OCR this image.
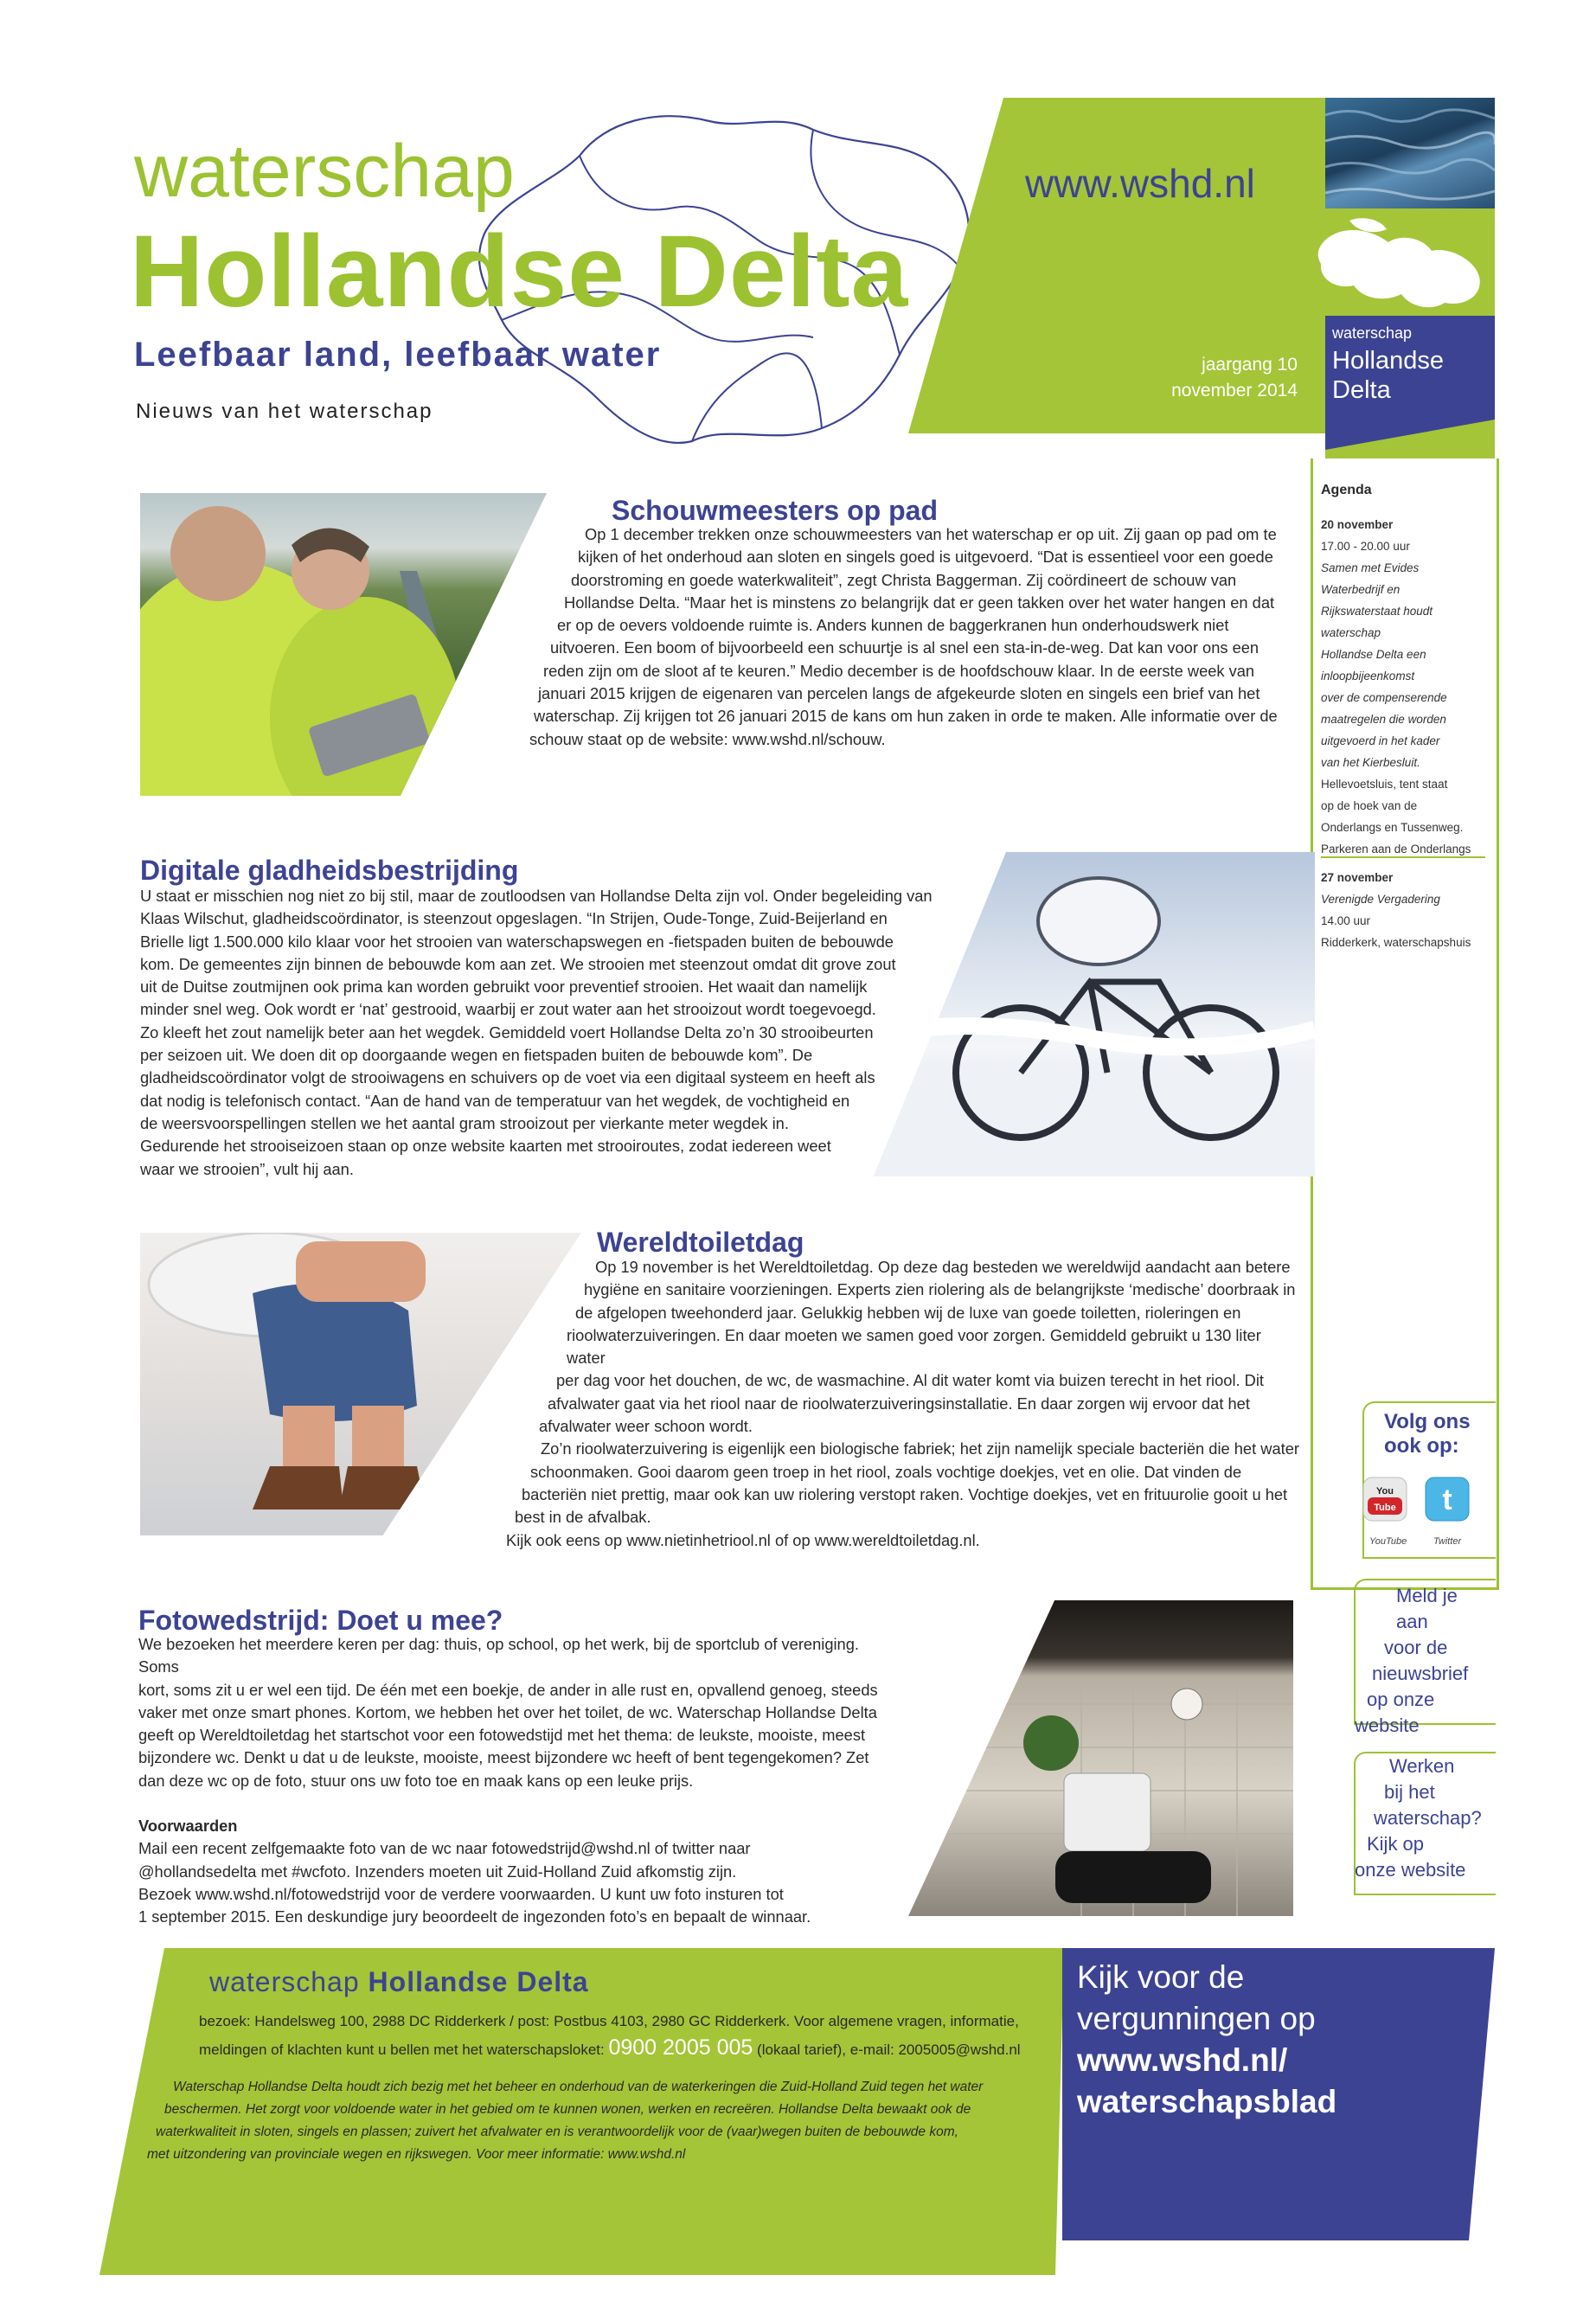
waterschap
Hollandse Delta
Leefbaar land, leefbaar water
Nieuws van het waterschap
www.wshd.nl
jaargang 10
november 2014
waterschap
Hollandse
Delta
Agenda
20 november
17.00 - 20.00 uur
Samen met Evides
Waterbedrijf en
Rijkswaterstaat houdt
waterschap
Hollandse Delta een
inloopbijeenkomst
over de compenserende
maatregelen die worden
uitgevoerd in het kader
van het Kierbesluit.
Hellevoetsluis, tent staat
op de hoek van de
Onderlangs en Tussenweg.
Parkeren aan de Onderlangs
27 november
Verenigde Vergadering
14.00 uur
Ridderkerk, waterschapshuis
Schouwmeesters op pad

Op 1 december trekken onze schouwmeesters van het waterschap er op uit. Zij gaan op pad om te

kijken of het onderhoud aan sloten en singels goed is uitgevoerd. “Dat is essentieel voor een goede

doorstroming en goede waterkwaliteit”, zegt Christa Baggerman. Zij coördineert de schouw van

Hollandse Delta. “Maar het is minstens zo belangrijk dat er geen takken over het water hangen en dat

er op de oevers voldoende ruimte is. Anders kunnen de baggerkranen hun onderhoudswerk niet

uitvoeren. Een boom of bijvoorbeeld een schuurtje is al snel een sta-in-de-weg. Dat kan voor ons een

reden zijn om de sloot af te keuren.” Medio december is de hoofdschouw klaar. In de eerste week van

januari 2015 krijgen de eigenaren van percelen langs de afgekeurde sloten en singels een brief van het

waterschap. Zij krijgen tot 26 januari 2015 de kans om hun zaken in orde te maken. Alle informatie over de

schouw staat op de website: www.wshd.nl/schouw.

Digitale gladheidsbestrijding

U staat er misschien nog niet zo bij stil, maar de zoutloodsen van Hollandse Delta zijn vol. Onder begeleiding van

Klaas Wilschut, gladheidscoördinator, is steenzout opgeslagen. “In Strijen, Oude-Tonge, Zuid-Beijerland en

Brielle ligt 1.500.000 kilo klaar voor het strooien van waterschapswegen en -fietspaden buiten de bebouwde

kom. De gemeentes zijn binnen de bebouwde kom aan zet. We strooien met steenzout omdat dit grove zout

uit de Duitse zoutmijnen ook prima kan worden gebruikt voor preventief strooien. Het waait dan namelijk

minder snel weg. Ook wordt er ‘nat’ gestrooid, waarbij er zout water aan het strooizout wordt toegevoegd.

Zo kleeft het zout namelijk beter aan het wegdek. Gemiddeld voert Hollandse Delta zo’n 30 strooibeurten

per seizoen uit. We doen dit op doorgaande wegen en fietspaden buiten de bebouwde kom”. De

gladheidscoördinator volgt de strooiwagens en schuivers op de voet via een digitaal systeem en heeft als

dat nodig is telefonisch contact. “Aan de hand van de temperatuur van het wegdek, de vochtigheid en

de weersvoorspellingen stellen we het aantal gram strooizout per vierkante meter wegdek in.

Gedurende het strooiseizoen staan op onze website kaarten met strooiroutes, zodat iedereen weet

waar we strooien”, vult hij aan.

Wereldtoiletdag

Op 19 november is het Wereldtoiletdag. Op deze dag besteden we wereldwijd aandacht aan betere

hygiëne en sanitaire voorzieningen. Experts zien riolering als de belangrijkste ‘medische’ doorbraak in

de afgelopen tweehonderd jaar. Gelukkig hebben wij de luxe van goede toiletten, rioleringen en

rioolwaterzuiveringen. En daar moeten we samen goed voor zorgen. Gemiddeld gebruikt u 130 liter water

per dag voor het douchen, de wc, de wasmachine. Al dit water komt via buizen terecht in het riool. Dit

afvalwater gaat via het riool naar de rioolwaterzuiveringsinstallatie. En daar zorgen wij ervoor dat het

afvalwater weer schoon wordt.

Zo’n rioolwaterzuivering is eigenlijk een biologische fabriek; het zijn namelijk speciale bacteriën die het water

schoonmaken. Gooi daarom geen troep in het riool, zoals vochtige doekjes, vet en olie. Dat vinden de

bacteriën niet prettig, maar ook kan uw riolering verstopt raken. Vochtige doekjes, vet en frituurolie gooit u het

best in de afvalbak.

Kijk ook eens op www.nietinhetriool.nl of op www.wereldtoiletdag.nl.

Volg ons
ook op:
You
Tube t
YouTube	Twitter
Meld je aan
voor de
nieuwsbrief
op onze
website
Werken
bij het
waterschap?
Kijk op
onze website
Fotowedstrijd: Doet u mee?

We bezoeken het meerdere keren per dag: thuis, op school, op het werk, bij de sportclub of vereniging. Soms

kort, soms zit u er wel een tijd. De één met een boekje, de ander in alle rust en, opvallend genoeg, steeds

vaker met onze smart phones. Kortom, we hebben het over het toilet, de wc. Waterschap Hollandse Delta

geeft op Wereldtoiletdag het startschot voor een fotowedstijd met het thema: de leukste, mooiste, meest

bijzondere wc. Denkt u dat u de leukste, mooiste, meest bijzondere wc heeft of bent tegengekomen? Zet

dan deze wc op de foto, stuur ons uw foto toe en maak kans op een leuke prijs.

Voorwaarden

Mail een recent zelfgemaakte foto van de wc naar fotowedstrijd@wshd.nl of twitter naar

@hollandsedelta met #wcfoto. Inzenders moeten uit Zuid-Holland Zuid afkomstig zijn.

Bezoek www.wshd.nl/fotowedstrijd voor de verdere voorwaarden. U kunt uw foto insturen tot

1 september 2015. Een deskundige jury beoordeelt de ingezonden foto’s en bepaalt de winnaar.

waterschap Hollandse Delta
bezoek: Handelsweg 100, 2988 DC Ridderkerk / post: Postbus 4103, 2980 GC Ridderkerk. Voor algemene vragen, informatie,
meldingen of klachten kunt u bellen met het waterschapsloket: 0900 2005 005 (lokaal tarief), e-mail: 2005005@wshd.nl
Waterschap Hollandse Delta houdt zich bezig met het beheer en onderhoud van de waterkeringen die Zuid-Holland Zuid tegen het water
beschermen. Het zorgt voor voldoende water in het gebied om te kunnen wonen, werken en recreëren. Hollandse Delta bewaakt ook de
waterkwaliteit in sloten, singels en plassen; zuivert het afvalwater en is verantwoordelijk voor de (vaar)wegen buiten de bebouwde kom,
met uitzondering van provinciale wegen en rijkswegen. Voor meer informatie: www.wshd.nl
Kijk voor de
vergunningen op
www.wshd.nl/
waterschapsblad
